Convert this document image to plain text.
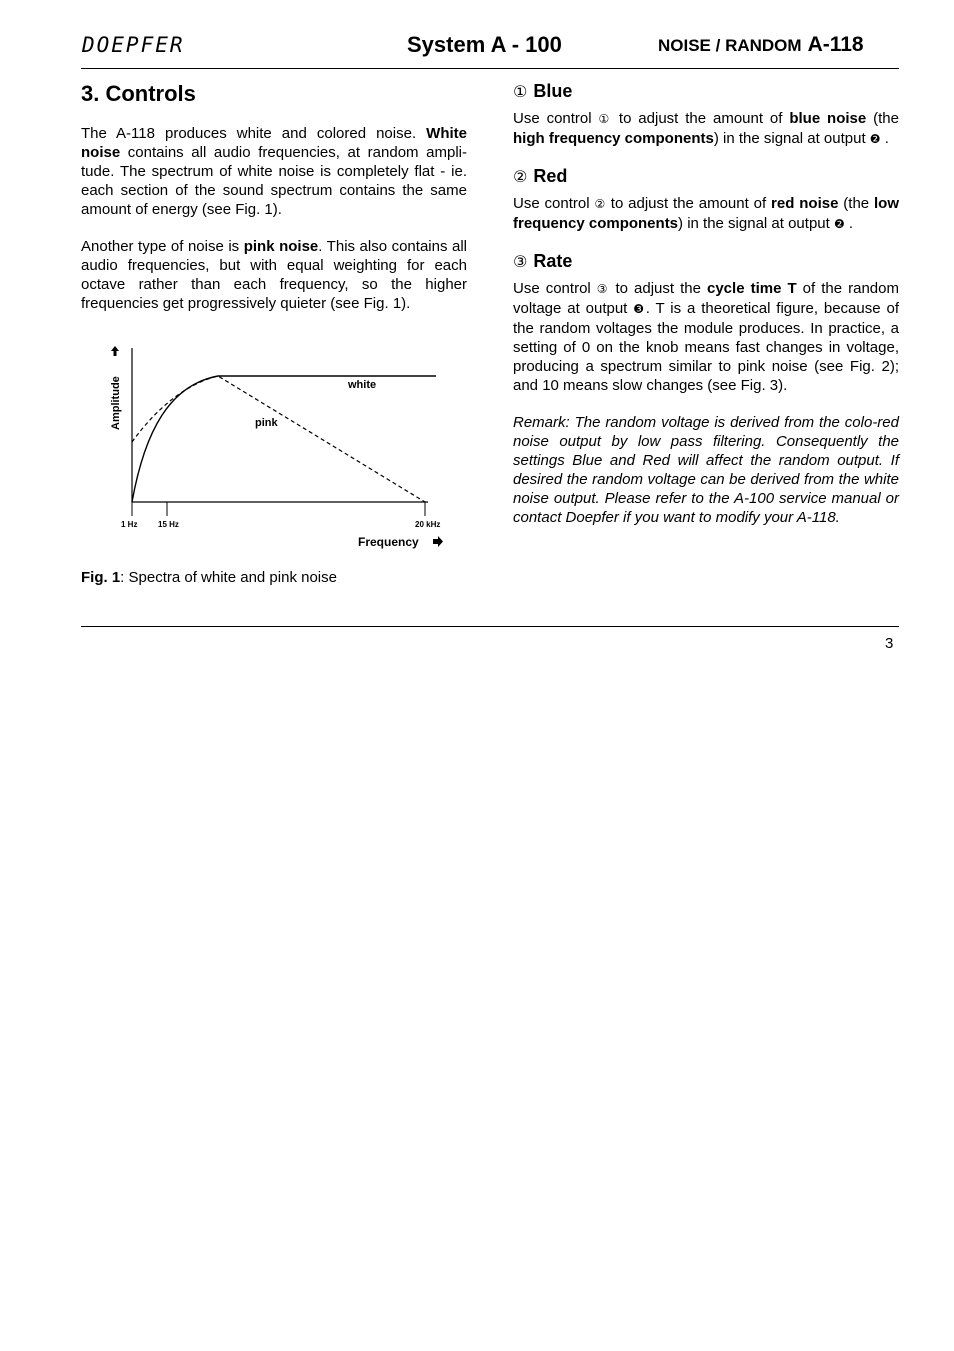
DOEPFER	System A - 100	NOISE / RANDOM A-118
3. Controls

The A-118 produces white and colored noise. White noise contains all audio frequencies, at random ampli-tude. The spectrum of white noise is completely flat - ie. each section of the sound spectrum contains the same amount of energy (see Fig. 1).

Another type of noise is pink noise. This also contains all audio frequencies, but with equal weighting for each octave rather than each frequency, so the higher frequencies get progressively quieter (see Fig. 1).

Amplitude
1 Hz	15 Hz	20 kHz
Frequency
white
pink
Fig. 1: Spectra of white and pink noise
① Blue

Use control ① to adjust the amount of blue noise (the high frequency components) in the signal at output ❷ .

② Red

Use control ② to adjust the amount of red noise (the low frequency components) in the signal at output ❷ .

③ Rate

Use control ③ to adjust the cycle time T of the random voltage at output ❸. T is a theoretical figure, because of the random voltages the module produces. In practice, a setting of 0 on the knob means fast changes in voltage, producing a spectrum similar to pink noise (see Fig. 2); and 10 means slow changes (see Fig. 3).

Remark: The random voltage is derived from the colo-red noise output by low pass filtering. Consequently the settings Blue and Red will affect the random output. If desired the random voltage can be derived from the white noise output. Please refer to the A-100 service manual or contact Doepfer if you want to modify your A-118.

3
